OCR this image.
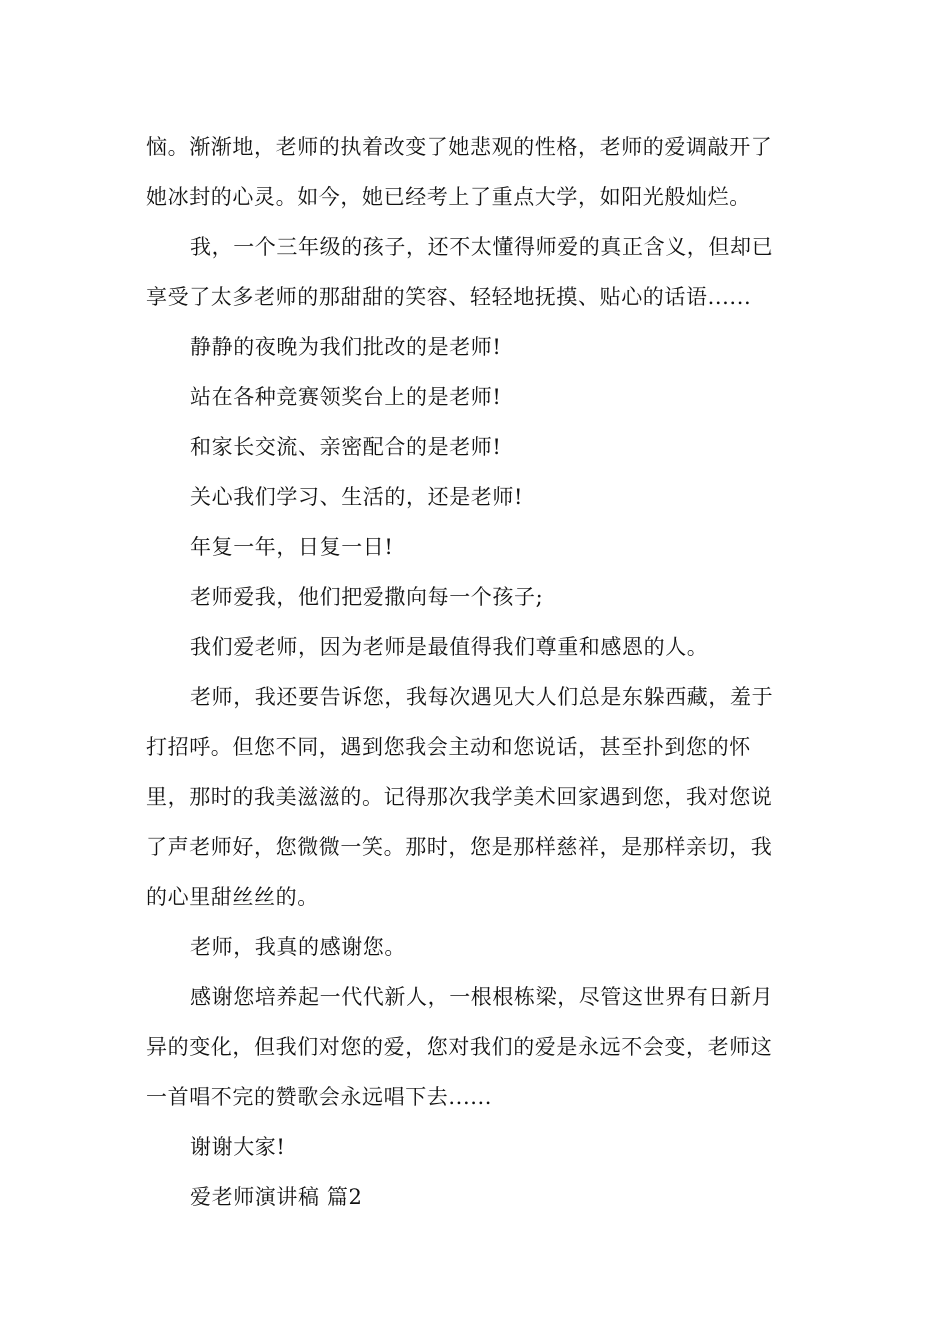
恼。渐渐地，老师的执着改变了她悲观的性格，老师的爱调敲开了
她冰封的心灵。如今，她已经考上了重点大学，如阳光般灿烂。
我，一个三年级的孩子，还不太懂得师爱的真正含义，但却已
享受了太多老师的那甜甜的笑容、轻轻地抚摸、贴心的话语......
静静的夜晚为我们批改的是老师!
站在各种竞赛领奖台上的是老师!
和家长交流、亲密配合的是老师!
关心我们学习、生活的，还是老师!
年复一年，日复一日!
老师爱我，他们把爱撒向每一个孩子;
我们爱老师，因为老师是最值得我们尊重和感恩的人。
老师，我还要告诉您，我每次遇见大人们总是东躲西藏，羞于
打招呼。但您不同，遇到您我会主动和您说话，甚至扑到您的怀
里，那时的我美滋滋的。记得那次我学美术回家遇到您，我对您说
了声老师好，您微微一笑。那时，您是那样慈祥，是那样亲切，我
的心里甜丝丝的。
老师，我真的感谢您。
感谢您培养起一代代新人，一根根栋梁，尽管这世界有日新月
异的变化，但我们对您的爱，您对我们的爱是永远不会变，老师这
一首唱不完的赞歌会永远唱下去......
谢谢大家!
爱老师演讲稿 篇2
